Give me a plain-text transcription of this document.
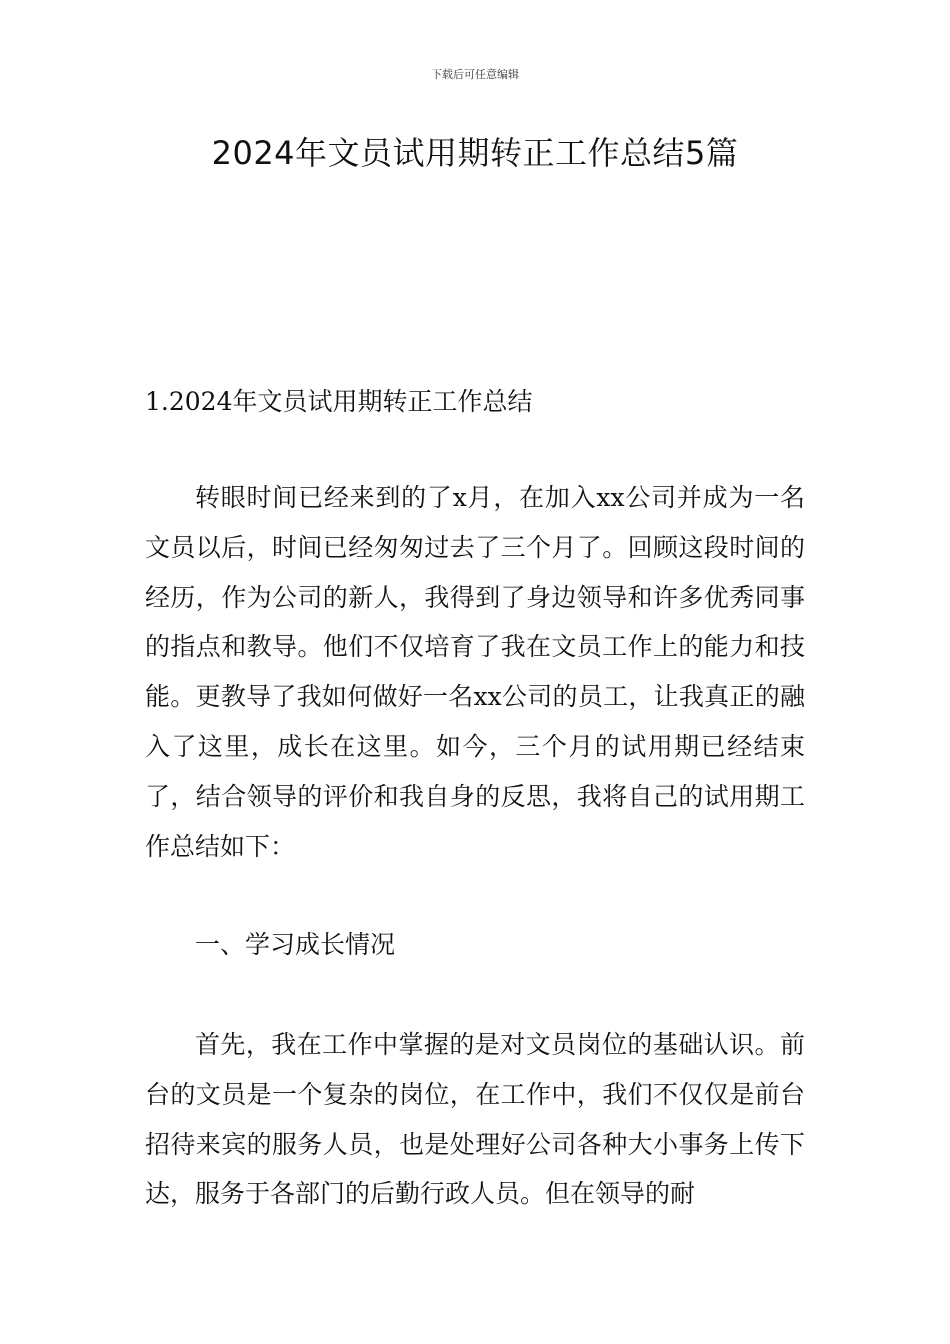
下载后可任意编辑
2024年文员试用期转正工作总结5篇
1.2024年文员试用期转正工作总结

转眼时间已经来到的了x月，在加入xx公司并成为一名文员以后，时间已经匆匆过去了三个月了。回顾这段时间的经历，作为公司的新人，我得到了身边领导和许多优秀同事的指点和教导。他们不仅培育了我在文员工作上的能力和技能。更教导了我如何做好一名xx公司的员工，让我真正的融入了这里，成长在这里。如今，三个月的试用期已经结束了，结合领导的评价和我自身的反思，我将自己的试用期工作总结如下：

一、学习成长情况

首先，我在工作中掌握的是对文员岗位的基础认识。前台的文员是一个复杂的岗位，在工作中，我们不仅仅是前台招待来宾的服务人员，也是处理好公司各种大小事务上传下达，服务于各部门的后勤行政人员。但在领导的耐
